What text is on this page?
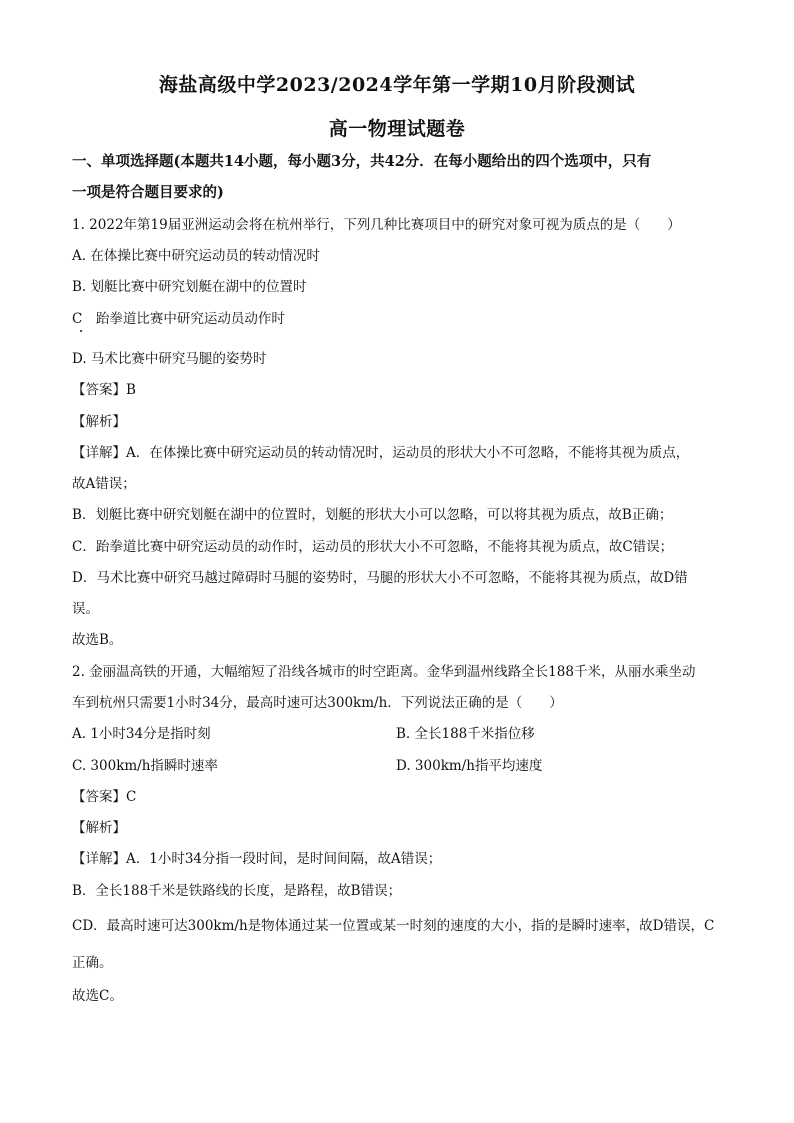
海盐高级中学2023/2024学年第一学期10月阶段测试
高一物理试题卷
一、单项选择题(本题共14小题，每小题3分，共42分．在每小题给出的四个选项中，只有
一项是符合题目要求的)
1. 2022年第19届亚洲运动会将在杭州举行，下列几种比赛项目中的研究对象可视为质点的是（　　）
A. 在体操比赛中研究运动员的转动情况时
B. 划艇比赛中研究划艇在湖中的位置时
C　跆拳道比赛中研究运动员动作时
D. 马术比赛中研究马腿的姿势时
【答案】B
【解析】
【详解】A．在体操比赛中研究运动员的转动情况时，运动员的形状大小不可忽略，不能将其视为质点，
故A错误；
B．划艇比赛中研究划艇在湖中的位置时，划艇的形状大小可以忽略，可以将其视为质点，故B正确；
C．跆拳道比赛中研究运动员的动作时，运动员的形状大小不可忽略，不能将其视为质点，故C错误；
D．马术比赛中研究马越过障碍时马腿的姿势时，马腿的形状大小不可忽略，不能将其视为质点，故D错
误。
故选B。
2. 金丽温高铁的开通，大幅缩短了沿线各城市的时空距离。金华到温州线路全长188千米，从丽水乘坐动
车到杭州只需要1小时34分，最高时速可达300km/h．下列说法正确的是（　　）
A. 1小时34分是指时刻	B. 全长188千米指位移
C. 300km/h指瞬时速率	D. 300km/h指平均速度
【答案】C
【解析】
【详解】A．1小时34分指一段时间，是时间间隔，故A错误；
B．全长188千米是铁路线的长度，是路程，故B错误；
CD．最高时速可达300km/h是物体通过某一位置或某一时刻的速度的大小，指的是瞬时速率，故D错误，C
正确。
故选C。
